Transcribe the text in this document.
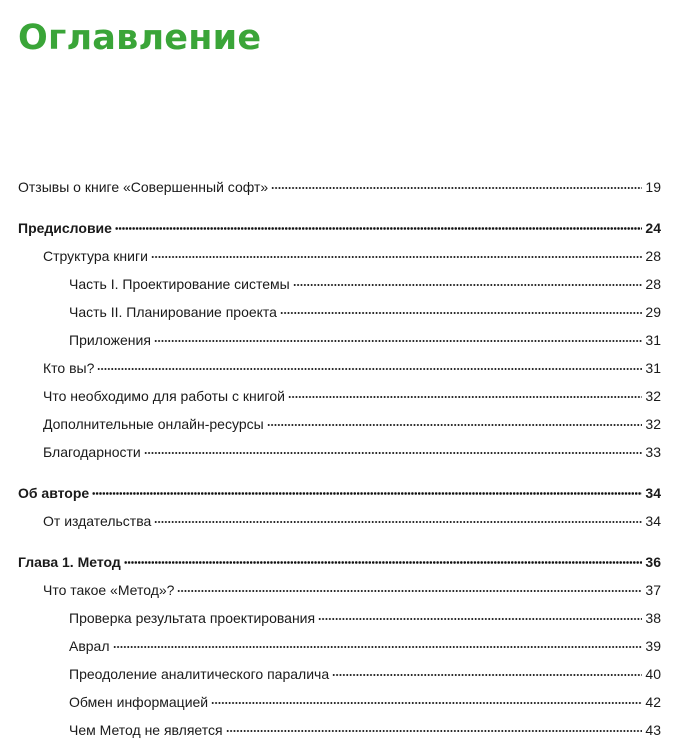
Оглавление
Отзывы о книге «Совершенный софт»	19
Предисловие	24
Структура книги	28
Часть I. Проектирование системы	28
Часть II. Планирование проекта	29
Приложения	31
Кто вы?	31
Что необходимо для работы с книгой	32
Дополнительные онлайн-ресурсы	32
Благодарности	33
Об авторе	34
От издательства	34
Глава 1. Метод	36
Что такое «Метод»?	37
Проверка результата проектирования	38
Аврал	39
Преодоление аналитического паралича	40
Обмен информацией	42
Чем Метод не является	43
